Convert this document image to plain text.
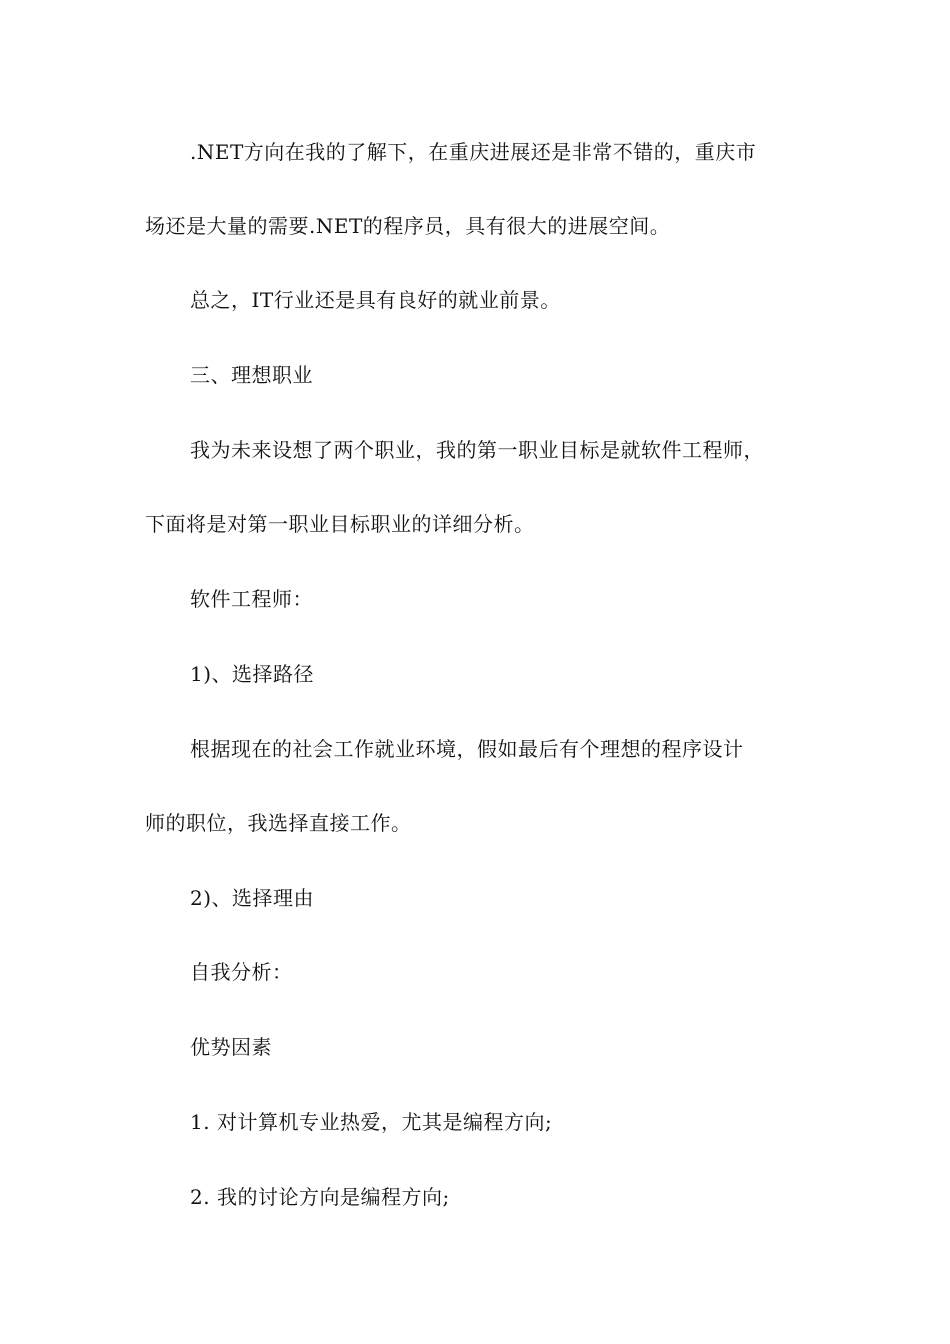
.NET方向在我的了解下，在重庆进展还是非常不错的，重庆市
场还是大量的需要.NET的程序员，具有很大的进展空间。
总之，IT行业还是具有良好的就业前景。
三、理想职业
我为未来设想了两个职业，我的第一职业目标是就软件工程师，
下面将是对第一职业目标职业的详细分析。
软件工程师：
1)、选择路径
根据现在的社会工作就业环境，假如最后有个理想的程序设计
师的职位，我选择直接工作。
2)、选择理由
自我分析：
优势因素
1. 对计算机专业热爱，尤其是编程方向;
2. 我的讨论方向是编程方向;
